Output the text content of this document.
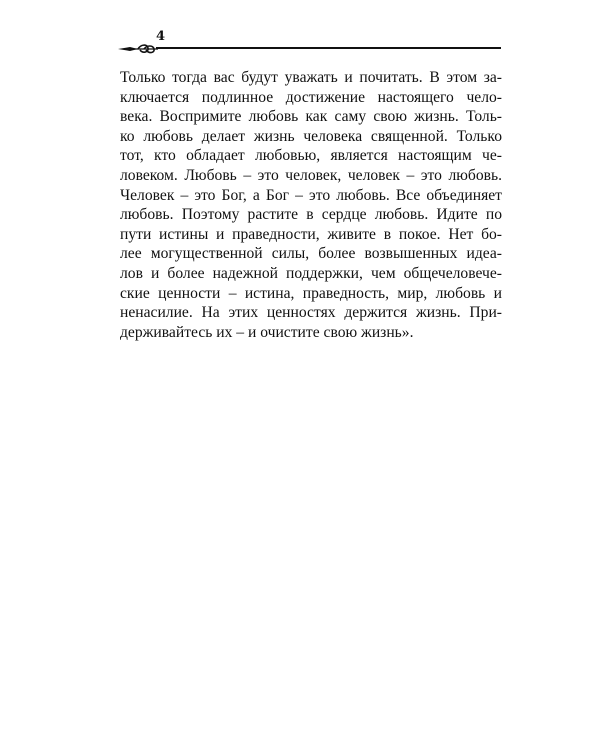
4
Только тогда вас будут уважать и почитать. В этом за-
ключается подлинное достижение настоящего чело-
века. Воспримите любовь как саму свою жизнь. Толь-
ко любовь делает жизнь человека священной. Только
тот, кто обладает любовью, является настоящим че-
ловеком. Любовь – это человек, человек – это любовь.
Человек – это Бог, а Бог – это любовь. Все объединяет
любовь. Поэтому растите в сердце любовь. Идите по
пути истины и праведности, живите в покое. Нет бо-
лее могущественной силы, более возвышенных идеа-
лов и более надежной поддержки, чем общечеловече-
ские ценности – истина, праведность, мир, любовь и
ненасилие. На этих ценностях держится жизнь. При-
держивайтесь их – и очистите свою жизнь».
